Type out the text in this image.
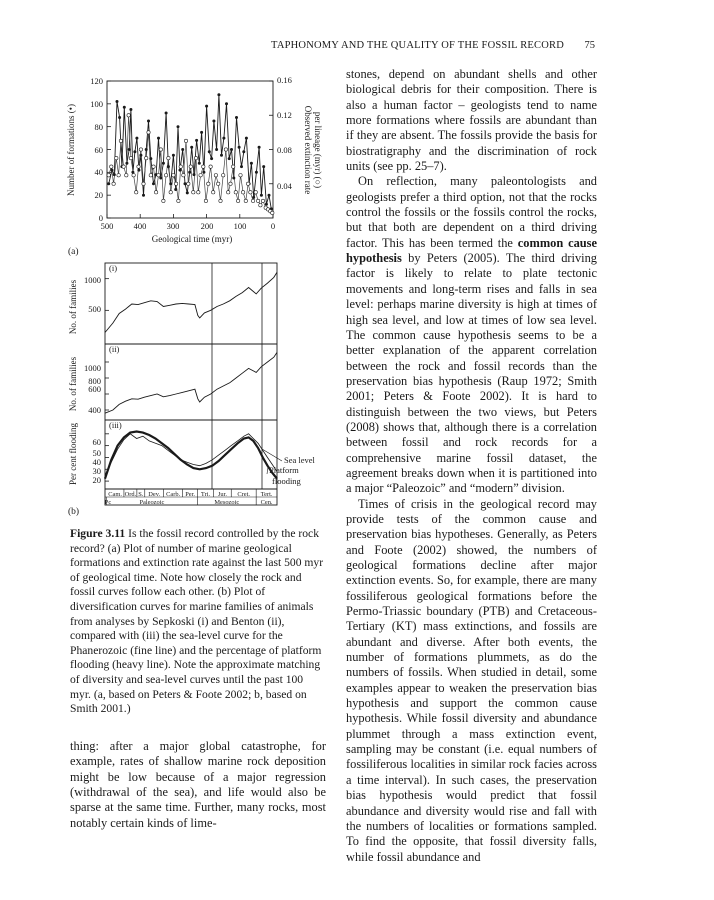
TAPHONOMY AND THE QUALITY OF THE FOSSIL RECORD 75
0
20
40
60
80
100
120
0.04
0.08
0.12
0.16
500 400 300	200 100	0
Geological time (myr)
Number of formations (•)	Observed extinction rate per lineage (myr) (○)
(a)
(i)
(ii)
(iii)
1000
500
1000
800
600
400
60
50
40
30
20
No. of families
No. of families
Per cent flooding	Sea level
Platform
flooding
Cam. Ord. S. Dev. Carb. Per. Tri. Jur. Cret. Tert.
Pc	Paleozoic	Mesozoic	Cen.
(b)
Figure 3.11 Is the fossil record controlled by the rock record? (a) Plot of number of marine geological formations and extinction rate against the last 500 myr of geological time. Note how closely the rock and fossil curves follow each other. (b) Plot of diversification curves for marine families of animals from analyses by Sepkoski (i) and Benton (ii), compared with (iii) the sea-level curve for the Phanerozoic (fine line) and the percentage of platform flooding (heavy line). Note the approximate matching of diversity and sea-level curves until the past 100 myr. (a, based on Peters & Foote 2002; b, based on Smith 2001.)

thing: after a major global catastrophe, for example, rates of shallow marine rock deposition might be low because of a major regression (withdrawal of the sea), and life would also be sparse at the same time. Further, many rocks, most notably certain kinds of lime-

stones, depend on abundant shells and other biological debris for their composition. There is also a human factor – geologists tend to name more formations where fossils are abundant than if they are absent. The fossils provide the basis for biostratigraphy and the discrimination of rock units (see pp. 25–7).

On reflection, many paleontologists and geologists prefer a third option, not that the rocks control the fossils or the fossils control the rocks, but that both are dependent on a third driving factor. This has been termed the common cause hypothesis by Peters (2005). The third driving factor is likely to relate to plate tectonic movements and long-term rises and falls in sea level: perhaps marine diversity is high at times of high sea level, and low at times of low sea level. The common cause hypothesis seems to be a better explanation of the apparent correlation between the rock and fossil records than the preservation bias hypothesis (Raup 1972; Smith 2001; Peters & Foote 2002). It is hard to distinguish between the two views, but Peters (2008) shows that, although there is a correlation between fossil and rock records for a comprehensive marine fossil dataset, the agreement breaks down when it is partitioned into a major “Paleozoic” and “modern” division.

Times of crisis in the geological record may provide tests of the common cause and preservation bias hypotheses. Generally, as Peters and Foote (2002) showed, the numbers of geological formations decline after major extinction events. So, for example, there are many fossiliferous geological formations before the Permo-Triassic boundary (PTB) and Cretaceous-Tertiary (KT) mass extinctions, and fossils are abundant and diverse. After both events, the number of formations plummets, as do the numbers of fossils. When studied in detail, some examples appear to weaken the preservation bias hypothesis and support the common cause hypothesis. While fossil diversity and abundance plummet through a mass extinction event, sampling may be constant (i.e. equal numbers of fossiliferous localities in similar rock facies across a time interval). In such cases, the preservation bias hypothesis would predict that fossil abundance and diversity would rise and fall with the numbers of localities or formations sampled. To find the opposite, that fossil diversity falls, while fossil abundance and
